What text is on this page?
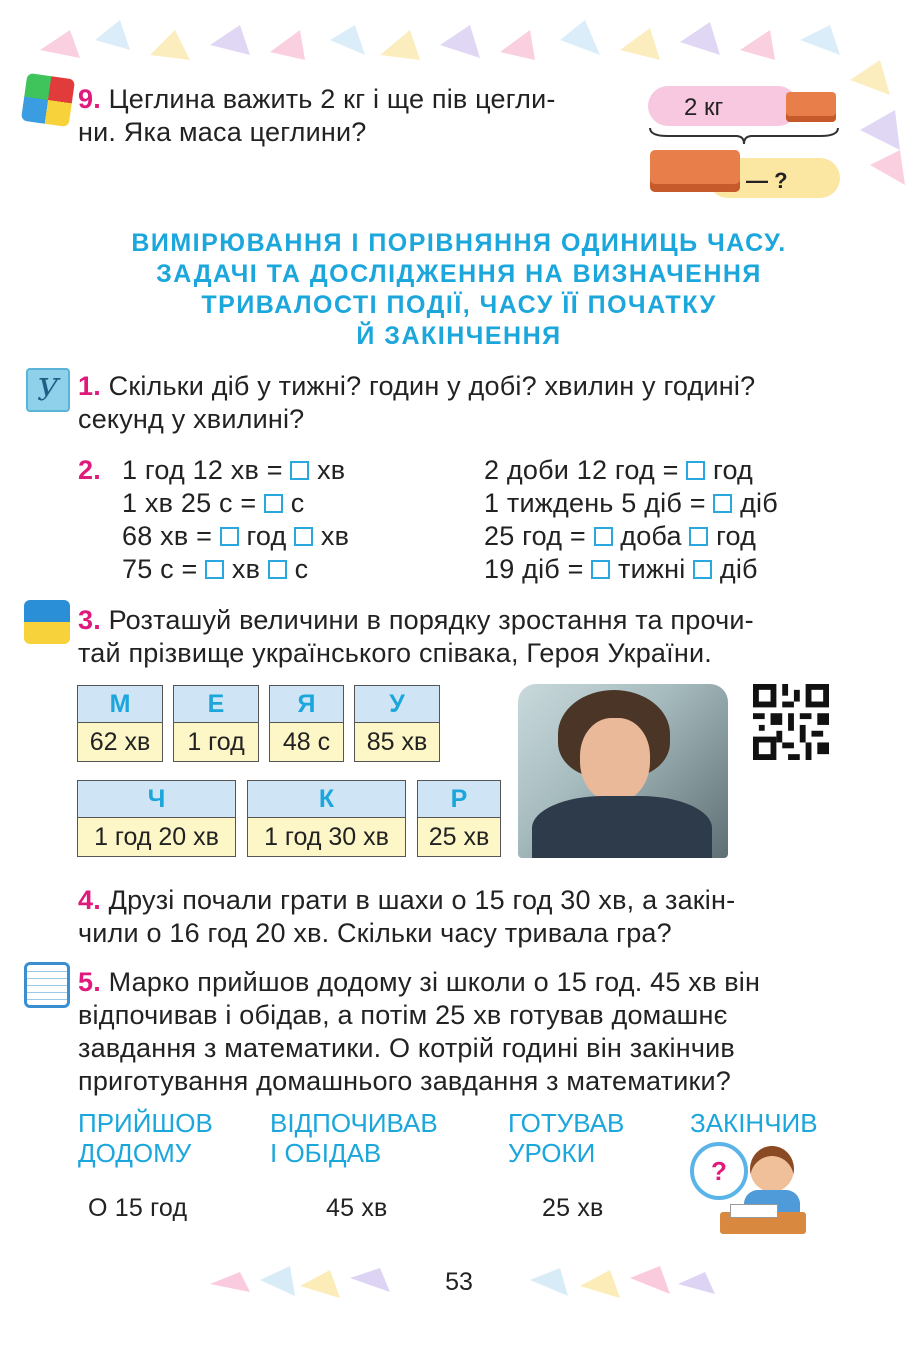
9. Цеглина важить 2 кг і ще пів цегли-
ни. Яка маса цеглини?
2 кг
— ?
ВИМІРЮВАННЯ І ПОРІВНЯННЯ ОДИНИЦЬ ЧАСУ.
ЗАДАЧІ ТА ДОСЛІДЖЕННЯ НА ВИЗНАЧЕННЯ
ТРИВАЛОСТІ ПОДІЇ, ЧАСУ ЇЇ ПОЧАТКУ
Й ЗАКІНЧЕННЯ
У 1. Скільки діб у тижні? годин у добі? хвилин у годині?
секунд у хвилині?
2. 1 год 12 хв = хв
1 хв 25 с = с
68 хв = год хв
75 с = хв с
2 доби 12 год = год
1 тиждень 5 діб = діб
25 год = доба год
19 діб = тижні діб
3. Розташуй величини в порядку зростання та прочи-
тай прізвище українського співака, Героя України.
М
62 хв
Е
1 год
Я
48 с
У
85 хв
Ч
1 год 20 хв
К
1 год 30 хв
Р
25 хв
4. Друзі почали грати в шахи о 15 год 30 хв, а закін-
чили о 16 год 20 хв. Скільки часу тривала гра?
5. Марко прийшов додому зі школи о 15 год. 45 хв він
відпочивав і обідав, а потім 25 хв готував домашнє
завдання з математики. О котрій годині він закінчив
приготування домашнього завдання з математики?
ПРИЙШОВ
ДОДОМУ
ВІДПОЧИВАВ
І ОБІДАВ
ГОТУВАВ
УРОКИ
ЗАКІНЧИВ
О 15 год	45 хв	25 хв
?
53
